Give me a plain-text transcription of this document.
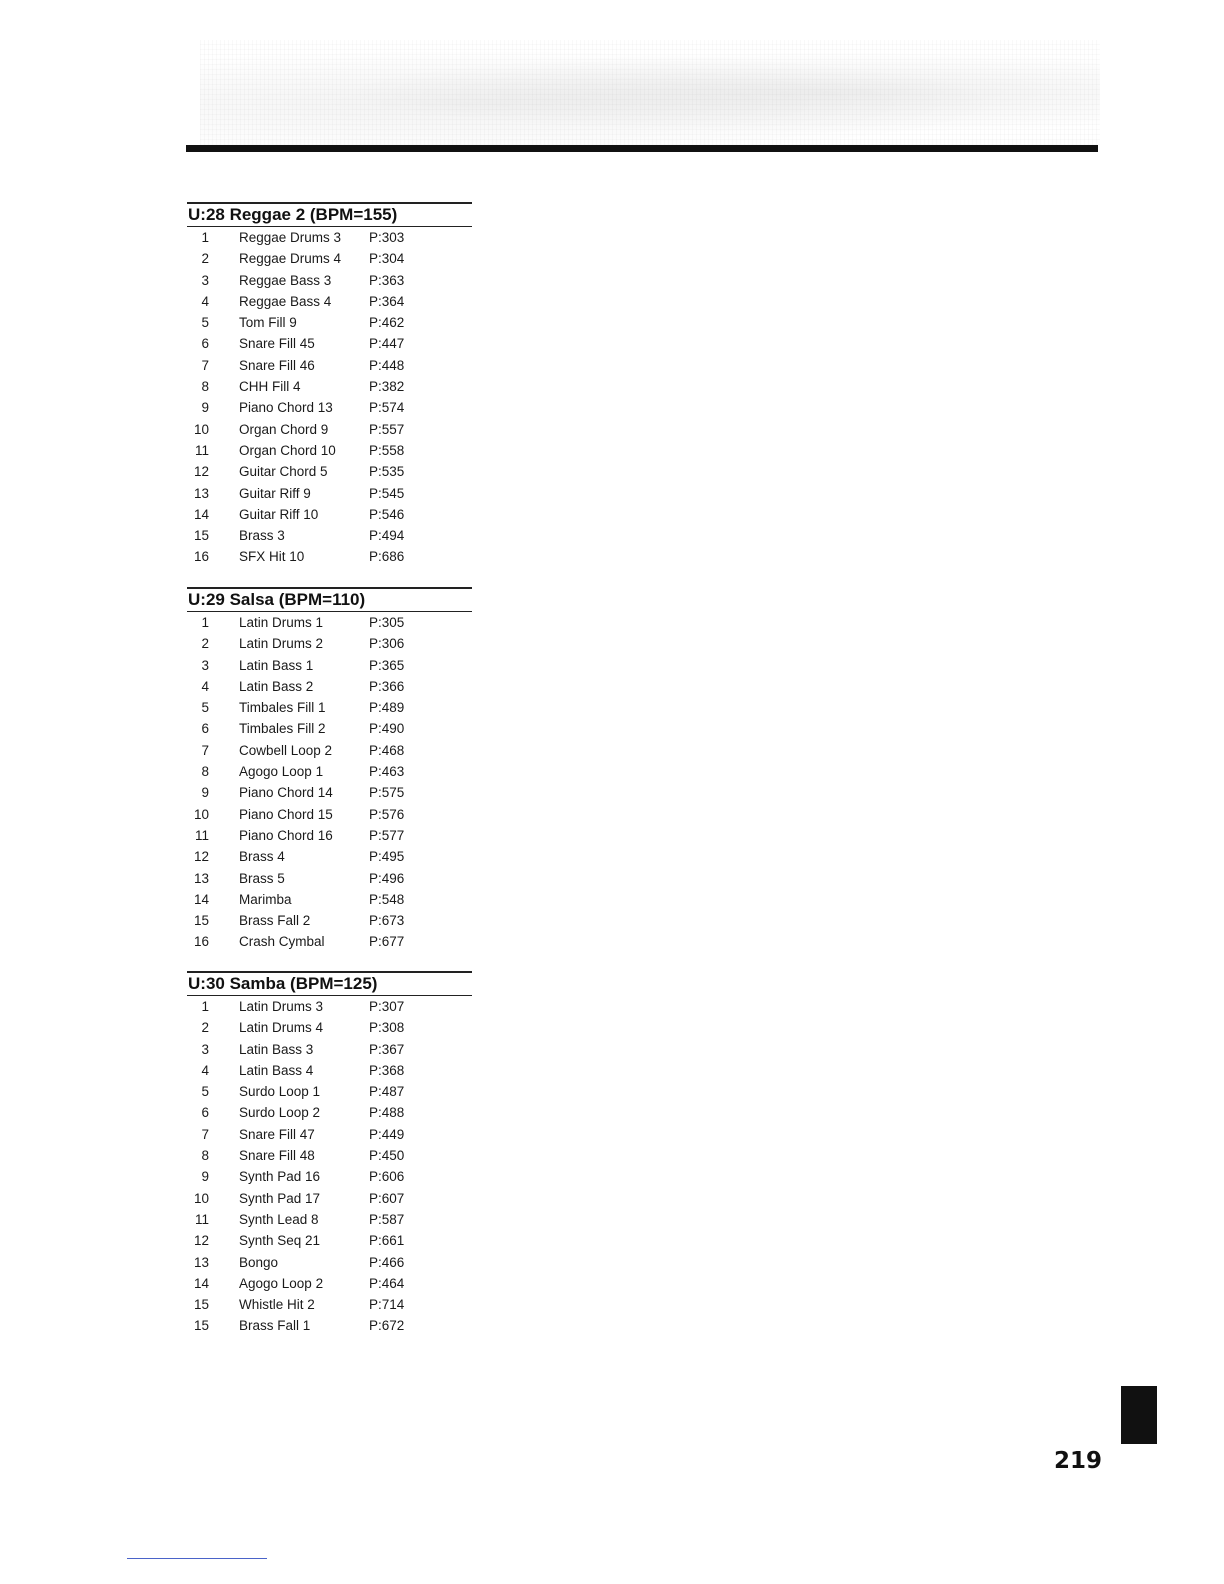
U:28 Reggae 2 (BPM=155)
1 Reggae Drums 3 P:303
2 Reggae Drums 4 P:304
3 Reggae Bass 3	P:363
4 Reggae Bass 4	P:364
5 Tom Fill 9	P:462
6 Snare Fill 45	P:447
7 Snare Fill 46	P:448
8 CHH Fill 4	P:382
9 Piano Chord 13	P:574
10 Organ Chord 9	P:557
11 Organ Chord 10 P:558
12 Guitar Chord 5	P:535
13 Guitar Riff 9	P:545
14 Guitar Riff 10	P:546
15 Brass 3	P:494
16 SFX Hit 10	P:686
U:29 Salsa (BPM=110)
1 Latin Drums 1	P:305
2 Latin Drums 2	P:306
3 Latin Bass 1	P:365
4 Latin Bass 2	P:366
5 Timbales Fill 1	P:489
6 Timbales Fill 2	P:490
7 Cowbell Loop 2	P:468
8 Agogo Loop 1	P:463
9 Piano Chord 14	P:575
10 Piano Chord 15	P:576
11 Piano Chord 16	P:577
12 Brass 4	P:495
13 Brass 5	P:496
14 Marimba	P:548
15 Brass Fall 2	P:673
16 Crash Cymbal	P:677
U:30 Samba (BPM=125)
1 Latin Drums 3	P:307
2 Latin Drums 4	P:308
3 Latin Bass 3	P:367
4 Latin Bass 4	P:368
5 Surdo Loop 1	P:487
6 Surdo Loop 2	P:488
7 Snare Fill 47	P:449
8 Snare Fill 48	P:450
9 Synth Pad 16	P:606
10 Synth Pad 17	P:607
11 Synth Lead 8	P:587
12 Synth Seq 21	P:661
13 Bongo	P:466
14 Agogo Loop 2	P:464
15 Whistle Hit 2	P:714
15 Brass Fall 1	P:672
219
